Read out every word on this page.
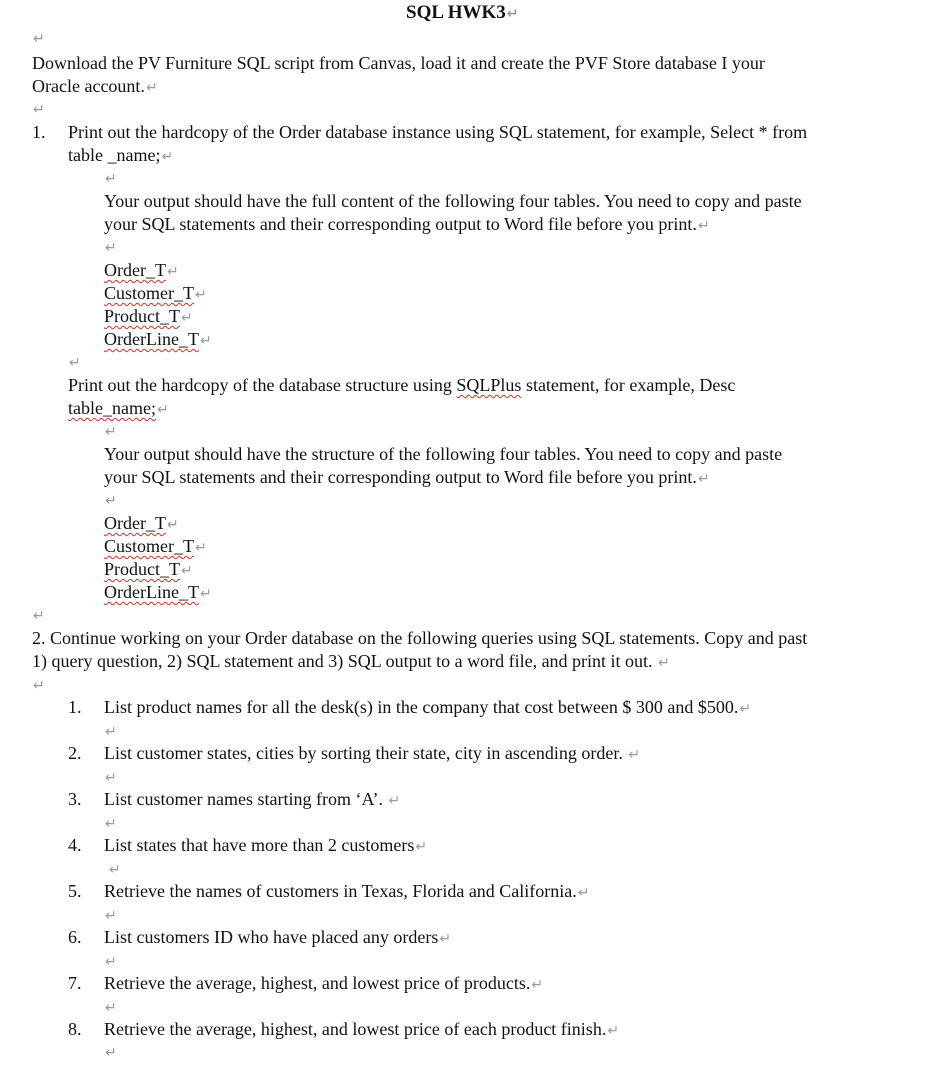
SQL HWK3↵
↵
Download the PV Furniture SQL script from Canvas, load it and create the PVF Store database I your
Oracle account.↵
↵
1. Print out the hardcopy of the Order database instance using SQL statement, for example, Select * from
table _name;↵
↵
Your output should have the full content of the following four tables. You need to copy and paste
your SQL statements and their corresponding output to Word file before you print.↵
↵
Order_T↵
Customer_T↵
Product_T↵
OrderLine_T↵
↵
Print out the hardcopy of the database structure using SQLPlus statement, for example, Desc
table_name;↵
↵
Your output should have the structure of the following four tables. You need to copy and paste
your SQL statements and their corresponding output to Word file before you print.↵
↵
Order_T↵
Customer_T↵
Product_T↵
OrderLine_T↵
↵
2. Continue working on your Order database on the following queries using SQL statements. Copy and past
1) query question, 2) SQL statement and 3) SQL output to a word file, and print it out. ↵
↵
1. List product names for all the desk(s) in the company that cost between $ 300 and $500.↵
↵
2. List customer states, cities by sorting their state, city in ascending order. ↵
↵
3. List customer names starting from ‘A’. ↵
↵
4. List states that have more than 2 customers↵
↵
5. Retrieve the names of customers in Texas, Florida and California.↵
↵
6. List customers ID who have placed any orders↵
↵
7. Retrieve the average, highest, and lowest price of products.↵
↵
8. Retrieve the average, highest, and lowest price of each product finish.↵
↵
